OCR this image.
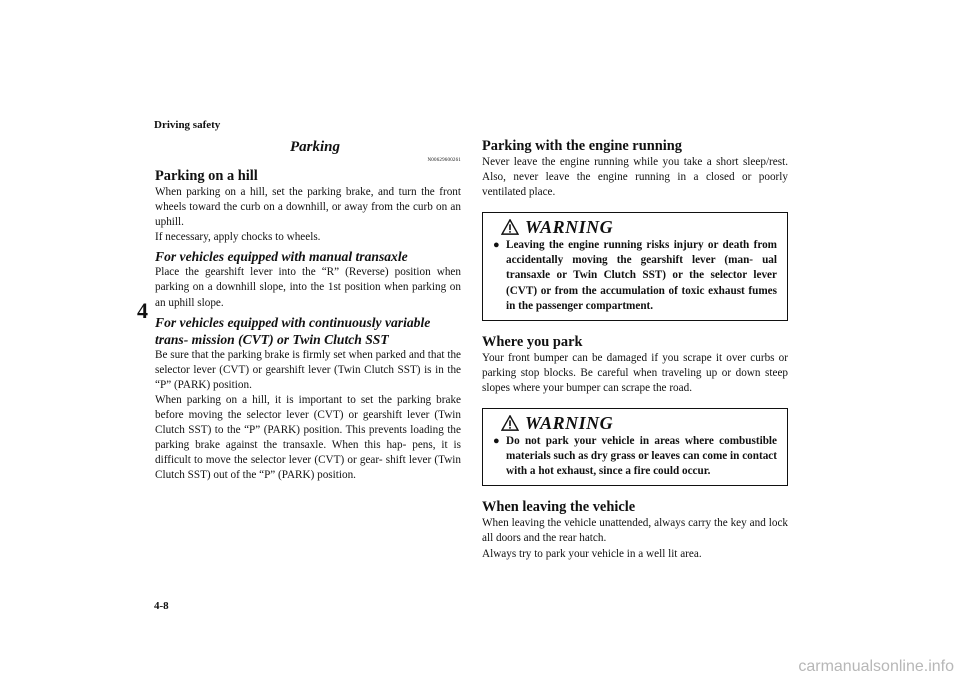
Driving safety
4
Parking
N00629600261
Parking on a hill

When parking on a hill, set the parking brake, and turn the front wheels toward the curb on a downhill, or away from the curb on an uphill.

If necessary, apply chocks to wheels.

For vehicles equipped with manual transaxle

Place the gearshift lever into the “R” (Reverse) position when parking on a downhill slope, into the 1st position when parking on an uphill slope.

For vehicles equipped with continuously variable trans- mission (CVT) or Twin Clutch SST

Be sure that the parking brake is firmly set when parked and that the selector lever (CVT) or gearshift lever (Twin Clutch SST) is in the “P” (PARK) position.

When parking on a hill, it is important to set the parking brake before moving the selector lever (CVT) or gearshift lever (Twin Clutch SST) to the “P” (PARK) position. This prevents loading the parking brake against the transaxle. When this hap- pens, it is difficult to move the selector lever (CVT) or gear- shift lever (Twin Clutch SST) out of the “P” (PARK) position.

Parking with the engine running

Never leave the engine running while you take a short sleep/rest. Also, never leave the engine running in a closed or poorly ventilated place.

WARNING
● Leaving the engine running risks injury or death from accidentally moving the gearshift lever (man- ual transaxle or Twin Clutch SST) or the selector lever (CVT) or from the accumulation of toxic exhaust fumes in the passenger compartment.
Where you park

Your front bumper can be damaged if you scrape it over curbs or parking stop blocks. Be careful when traveling up or down steep slopes where your bumper can scrape the road.

WARNING
● Do not park your vehicle in areas where combustible materials such as dry grass or leaves can come in contact with a hot exhaust, since a fire could occur.
When leaving the vehicle

When leaving the vehicle unattended, always carry the key and lock all doors and the rear hatch.

Always try to park your vehicle in a well lit area.

4-8
carmanualsonline.info
